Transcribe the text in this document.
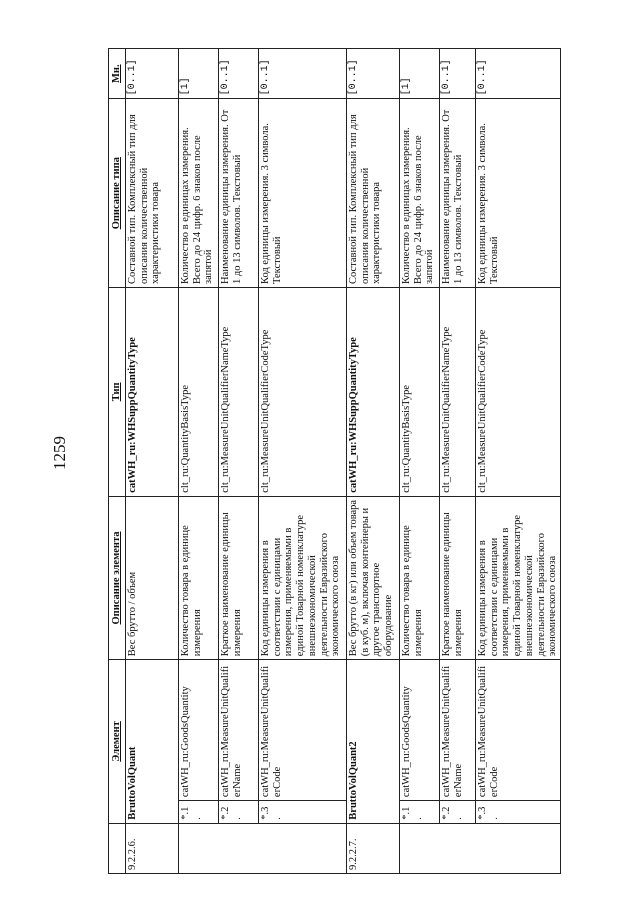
1259
	Элемент		Описание элемента	Тип	Описание типа	Мн.
9.2.2.6.	BruttoVolQuant		Вес брутто / объем	catWH_ru:WHSuppQuantityType	Составной тип. Комплексный тип для описания количественной характеристики товара	[0..1]
	*.1.	catWH_ru:GoodsQuantity	Количество товара в единице измерения	clt_ru:QuantityBasisType	Количество в единицах измерения. Всего до 24 цифр. 6 знаков после запятой	[1]
	*.2.	catWH_ru:MeasureUnitQualifierName	Краткое наименование единицы измерения	clt_ru:MeasureUnitQualifierNameType	Наименование единицы измерения. От 1 до 13 символов. Текстовый	[0..1]
	*.3.	catWH_ru:MeasureUnitQualifierCode	Код единицы измерения в соответствии с единицами измерения, применяемыми в единой Товарной номенклатуре внешнеэкономической деятельности Евразийского экономического союза	clt_ru:MeasureUnitQualifierCodeType	Код единицы измерения. 3 символа. Текстовый	[0..1]
9.2.2.7.	BruttoVolQuant2		Вес брутто (в кг) или объем товара (в куб. м), включая контейнеры и другое транспортное оборудование	catWH_ru:WHSuppQuantityType	Составной тип. Комплексный тип для описания количественной характеристики товара	[0..1]
	*.1.	catWH_ru:GoodsQuantity	Количество товара в единице измерения	clt_ru:QuantityBasisType	Количество в единицах измерения. Всего до 24 цифр. 6 знаков после запятой	[1]
	*.2.	catWH_ru:MeasureUnitQualifierName	Краткое наименование единицы измерения	clt_ru:MeasureUnitQualifierNameType	Наименование единицы измерения. От 1 до 13 символов. Текстовый	[0..1]
	*.3.	catWH_ru:MeasureUnitQualifierCode	Код единицы измерения в соответствии с единицами измерения, применяемыми в единой Товарной номенклатуре внешнеэкономической деятельности Евразийского экономического союза	clt_ru:MeasureUnitQualifierCodeType	Код единицы измерения. 3 символа. Текстовый	[0..1]
